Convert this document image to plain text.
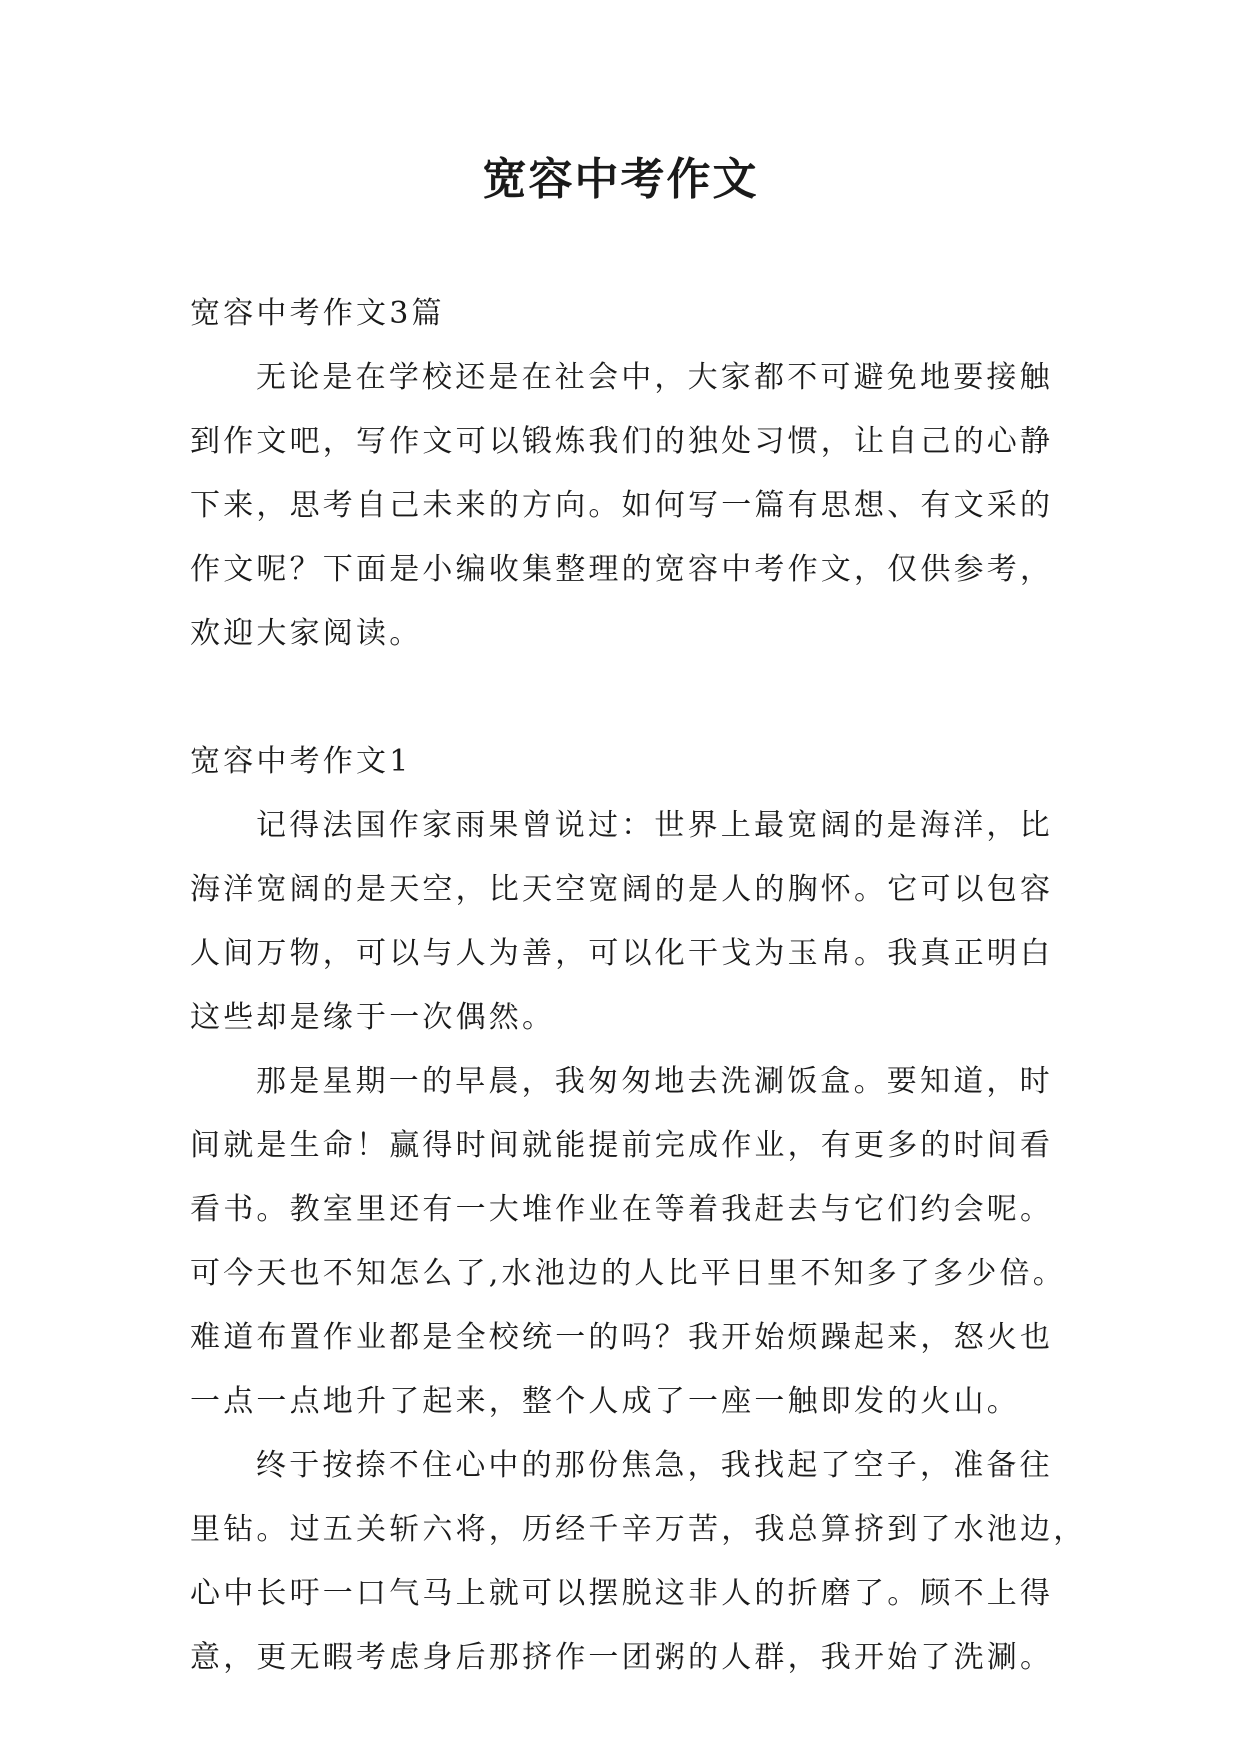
宽容中考作文

宽容中考作文3篇

无论是在学校还是在社会中，大家都不可避免地要接触

到作文吧，写作文可以锻炼我们的独处习惯，让自己的心静

下来，思考自己未来的方向。如何写一篇有思想、有文采的

作文呢？下面是小编收集整理的宽容中考作文，仅供参考，

欢迎大家阅读。

宽容中考作文1

记得法国作家雨果曾说过：世界上最宽阔的是海洋，比

海洋宽阔的是天空，比天空宽阔的是人的胸怀。它可以包容

人间万物，可以与人为善，可以化干戈为玉帛。我真正明白

这些却是缘于一次偶然。

那是星期一的早晨，我匆匆地去洗涮饭盒。要知道，时

间就是生命！赢得时间就能提前完成作业，有更多的时间看

看书。教室里还有一大堆作业在等着我赶去与它们约会呢。

可今天也不知怎么了,水池边的人比平日里不知多了多少倍。

难道布置作业都是全校统一的吗？我开始烦躁起来，怒火也

一点一点地升了起来，整个人成了一座一触即发的火山。

终于按捺不住心中的那份焦急，我找起了空子，准备往

里钻。过五关斩六将，历经千辛万苦，我总算挤到了水池边，

心中长吁一口气马上就可以摆脱这非人的折磨了。顾不上得

意，更无暇考虑身后那挤作一团粥的人群，我开始了洗涮。
